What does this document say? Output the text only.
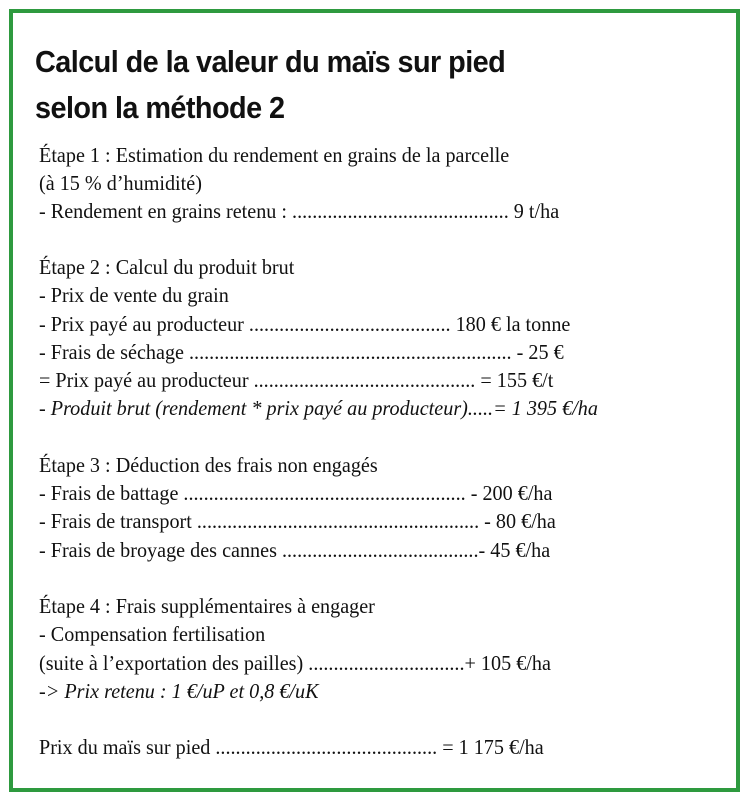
Calcul de la valeur du maïs sur pied
selon la méthode 2
Étape 1 : Estimation du rendement en grains de la parcelle
(à 15 % d’humidité)
- Rendement en grains retenu : ........................................... 9 t/ha
Étape 2 : Calcul du produit brut
- Prix de vente du grain
- Prix payé au producteur ........................................ 180 € la tonne
- Frais de séchage ................................................................ - 25 €
= Prix payé au producteur ............................................ = 155 €/t
- Produit brut (rendement * prix payé au producteur).....= 1 395 €/ha
Étape 3 : Déduction des frais non engagés
- Frais de battage ........................................................ - 200 €/ha
- Frais de transport ........................................................ - 80 €/ha
- Frais de broyage des cannes .......................................- 45 €/ha
Étape 4 : Frais supplémentaires à engager
- Compensation fertilisation
(suite à l’exportation des pailles) ...............................+ 105 €/ha
-> Prix retenu : 1 €/uP et 0,8 €/uK
Prix du maïs sur pied ............................................ = 1 175 €/ha
